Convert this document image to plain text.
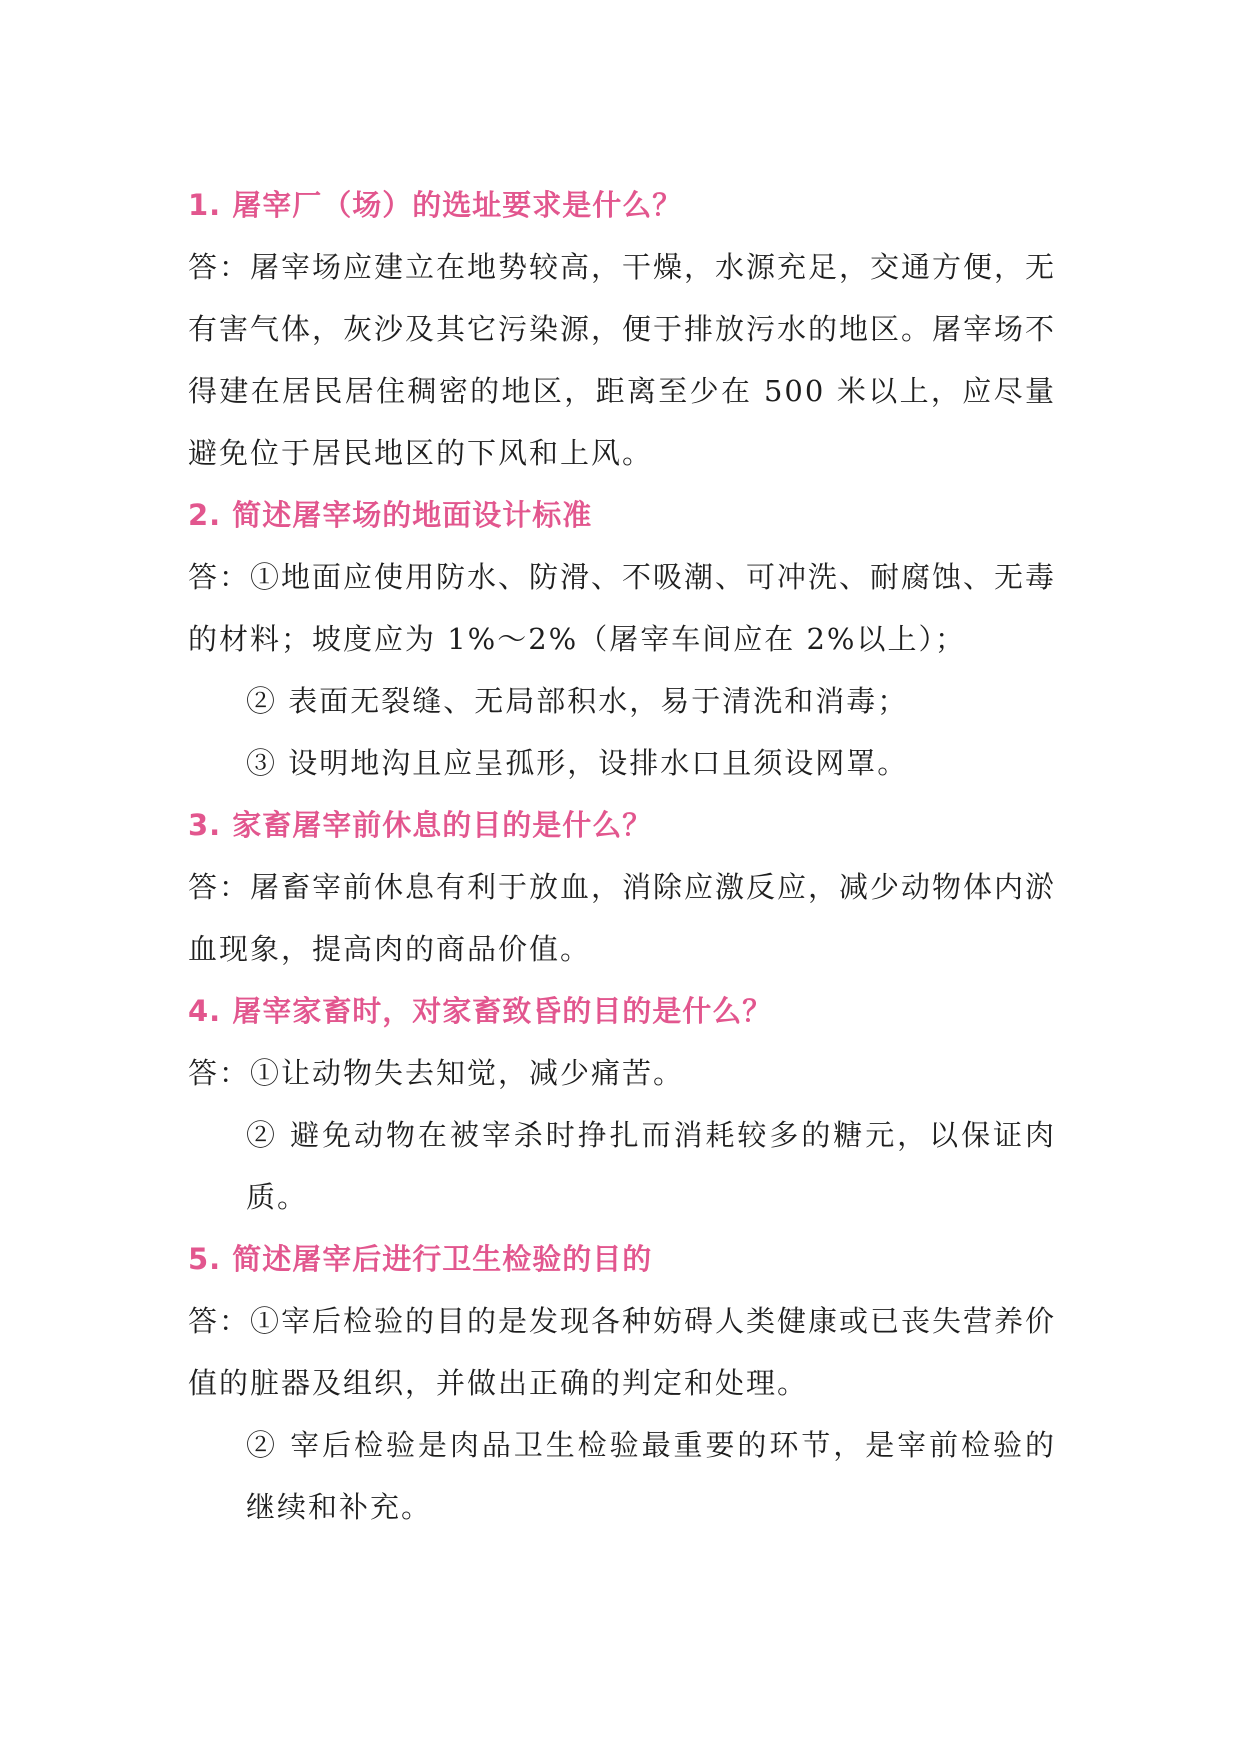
1. 屠宰厂（场）的选址要求是什么？
答：屠宰场应建立在地势较高，干燥，水源充足，交通方便，无有害气体，灰沙及其它污染源，便于排放污水的地区。屠宰场不得建在居民居住稠密的地区，距离至少在 500 米以上，应尽量避免位于居民地区的下风和上风。
2. 简述屠宰场的地面设计标准
答：①地面应使用防水、防滑、不吸潮、可冲洗、耐腐蚀、无毒的材料；坡度应为 1%～2%（屠宰车间应在 2%以上）；
② 表面无裂缝、无局部积水，易于清洗和消毒；
③ 设明地沟且应呈孤形，设排水口且须设网罩。
3. 家畜屠宰前休息的目的是什么？
答：屠畜宰前休息有利于放血，消除应激反应，减少动物体内淤血现象，提高肉的商品价值。
4. 屠宰家畜时，对家畜致昏的目的是什么？
答：①让动物失去知觉，减少痛苦。
② 避免动物在被宰杀时挣扎而消耗较多的糖元，以保证肉质。
5. 简述屠宰后进行卫生检验的目的
答：①宰后检验的目的是发现各种妨碍人类健康或已丧失营养价值的脏器及组织，并做出正确的判定和处理。
② 宰后检验是肉品卫生检验最重要的环节，是宰前检验的继续和补充。
